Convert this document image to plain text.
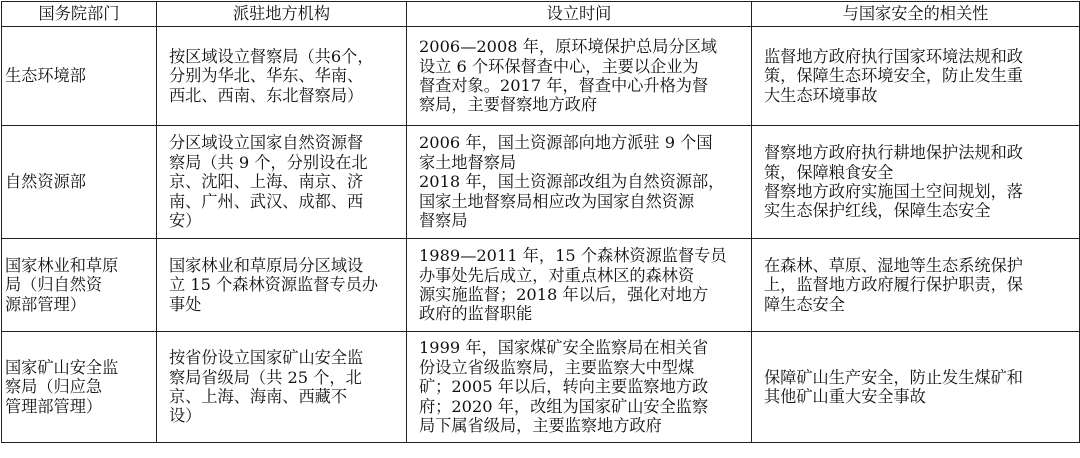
国务院部门	派驻地方机构	设立时间	与国家安全的相关性
生态环境部	按区域设立督察局（共6个，
分别为华北、华东、华南、
西北、西南、东北督察局）	2006—2008 年，原环境保护总局分区域
设立 6 个环保督查中心，主要以企业为
督查对象。2017 年，督查中心升格为督
察局，主要督察地方政府	监督地方政府执行国家环境法规和政
策，保障生态环境安全，防止发生重
大生态环境事故
自然资源部	分区域设立国家自然资源督
察局（共 9 个，分别设在北
京、沈阳、上海、南京、济
南、广州、武汉、成都、西
安）	2006 年，国土资源部向地方派驻 9 个国
家土地督察局
2018 年，国土资源部改组为自然资源部，
国家土地督察局相应改为国家自然资源
督察局	督察地方政府执行耕地保护法规和政
策，保障粮食安全
督察地方政府实施国土空间规划，落
实生态保护红线，保障生态安全
国家林业和草原
局（归自然资
源部管理）	国家林业和草原局分区域设
立 15 个森林资源监督专员办
事处	1989—2011 年，15 个森林资源监督专员
办事处先后成立，对重点林区的森林资
源实施监督；2018 年以后，强化对地方
政府的监督职能	在森林、草原、湿地等生态系统保护
上，监督地方政府履行保护职责，保
障生态安全
国家矿山安全监
察局（归应急
管理部管理）	按省份设立国家矿山安全监
察局省级局（共 25 个，北
京、上海、海南、西藏不
设）	1999 年，国家煤矿安全监察局在相关省
份设立省级监察局，主要监察大中型煤
矿；2005 年以后，转向主要监察地方政
府；2020 年，改组为国家矿山安全监察
局下属省级局，主要监察地方政府	保障矿山生产安全，防止发生煤矿和
其他矿山重大安全事故
